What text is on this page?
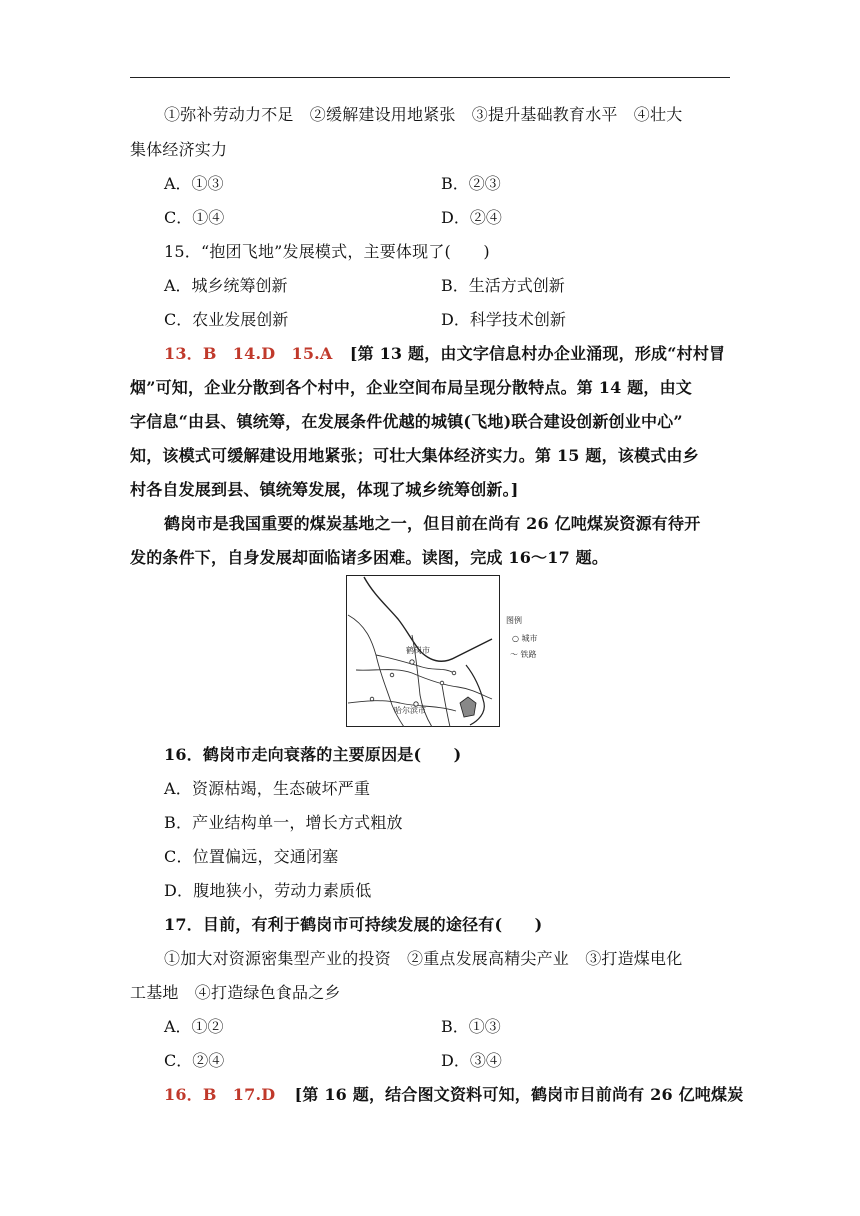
①弥补劳动力不足　②缓解建设用地紧张　③提升基础教育水平　④壮大
集体经济实力
A．①③	B．②③
C．①④	D．②④
15．“抱团飞地”发展模式，主要体现了(　　)
A．城乡统筹创新	B．生活方式创新
C．农业发展创新	D．科学技术创新
13．B　14.D　15.A [第 13 题，由文字信息村办企业涌现，形成“村村冒
烟”可知，企业分散到各个村中，企业空间布局呈现分散特点。第 14 题，由文
字信息“由县、镇统筹，在发展条件优越的城镇(飞地)联合建设创新创业中心”
知，该模式可缓解建设用地紧张；可壮大集体经济实力。第 15 题，该模式由乡
村各自发展到县、镇统筹发展，体现了城乡统筹创新。]
鹤岗市是我国重要的煤炭基地之一，但目前在尚有 26 亿吨煤炭资源有待开
发的条件下，自身发展却面临诸多困难。读图，完成 16～17 题。
鹤岗市
哈尔滨市
图例
○ 城市
〜 铁路
16．鹤岗市走向衰落的主要原因是(　　)
A．资源枯竭，生态破坏严重
B．产业结构单一，增长方式粗放
C．位置偏远，交通闭塞
D．腹地狭小，劳动力素质低
17．目前，有利于鹤岗市可持续发展的途径有(　　)
①加大对资源密集型产业的投资　②重点发展高精尖产业　③打造煤电化
工基地　④打造绿色食品之乡
A．①②	B．①③
C．②④	D．③④
16．B　17.D [第 16 题，结合图文资料可知，鹤岗市目前尚有 26 亿吨煤炭
